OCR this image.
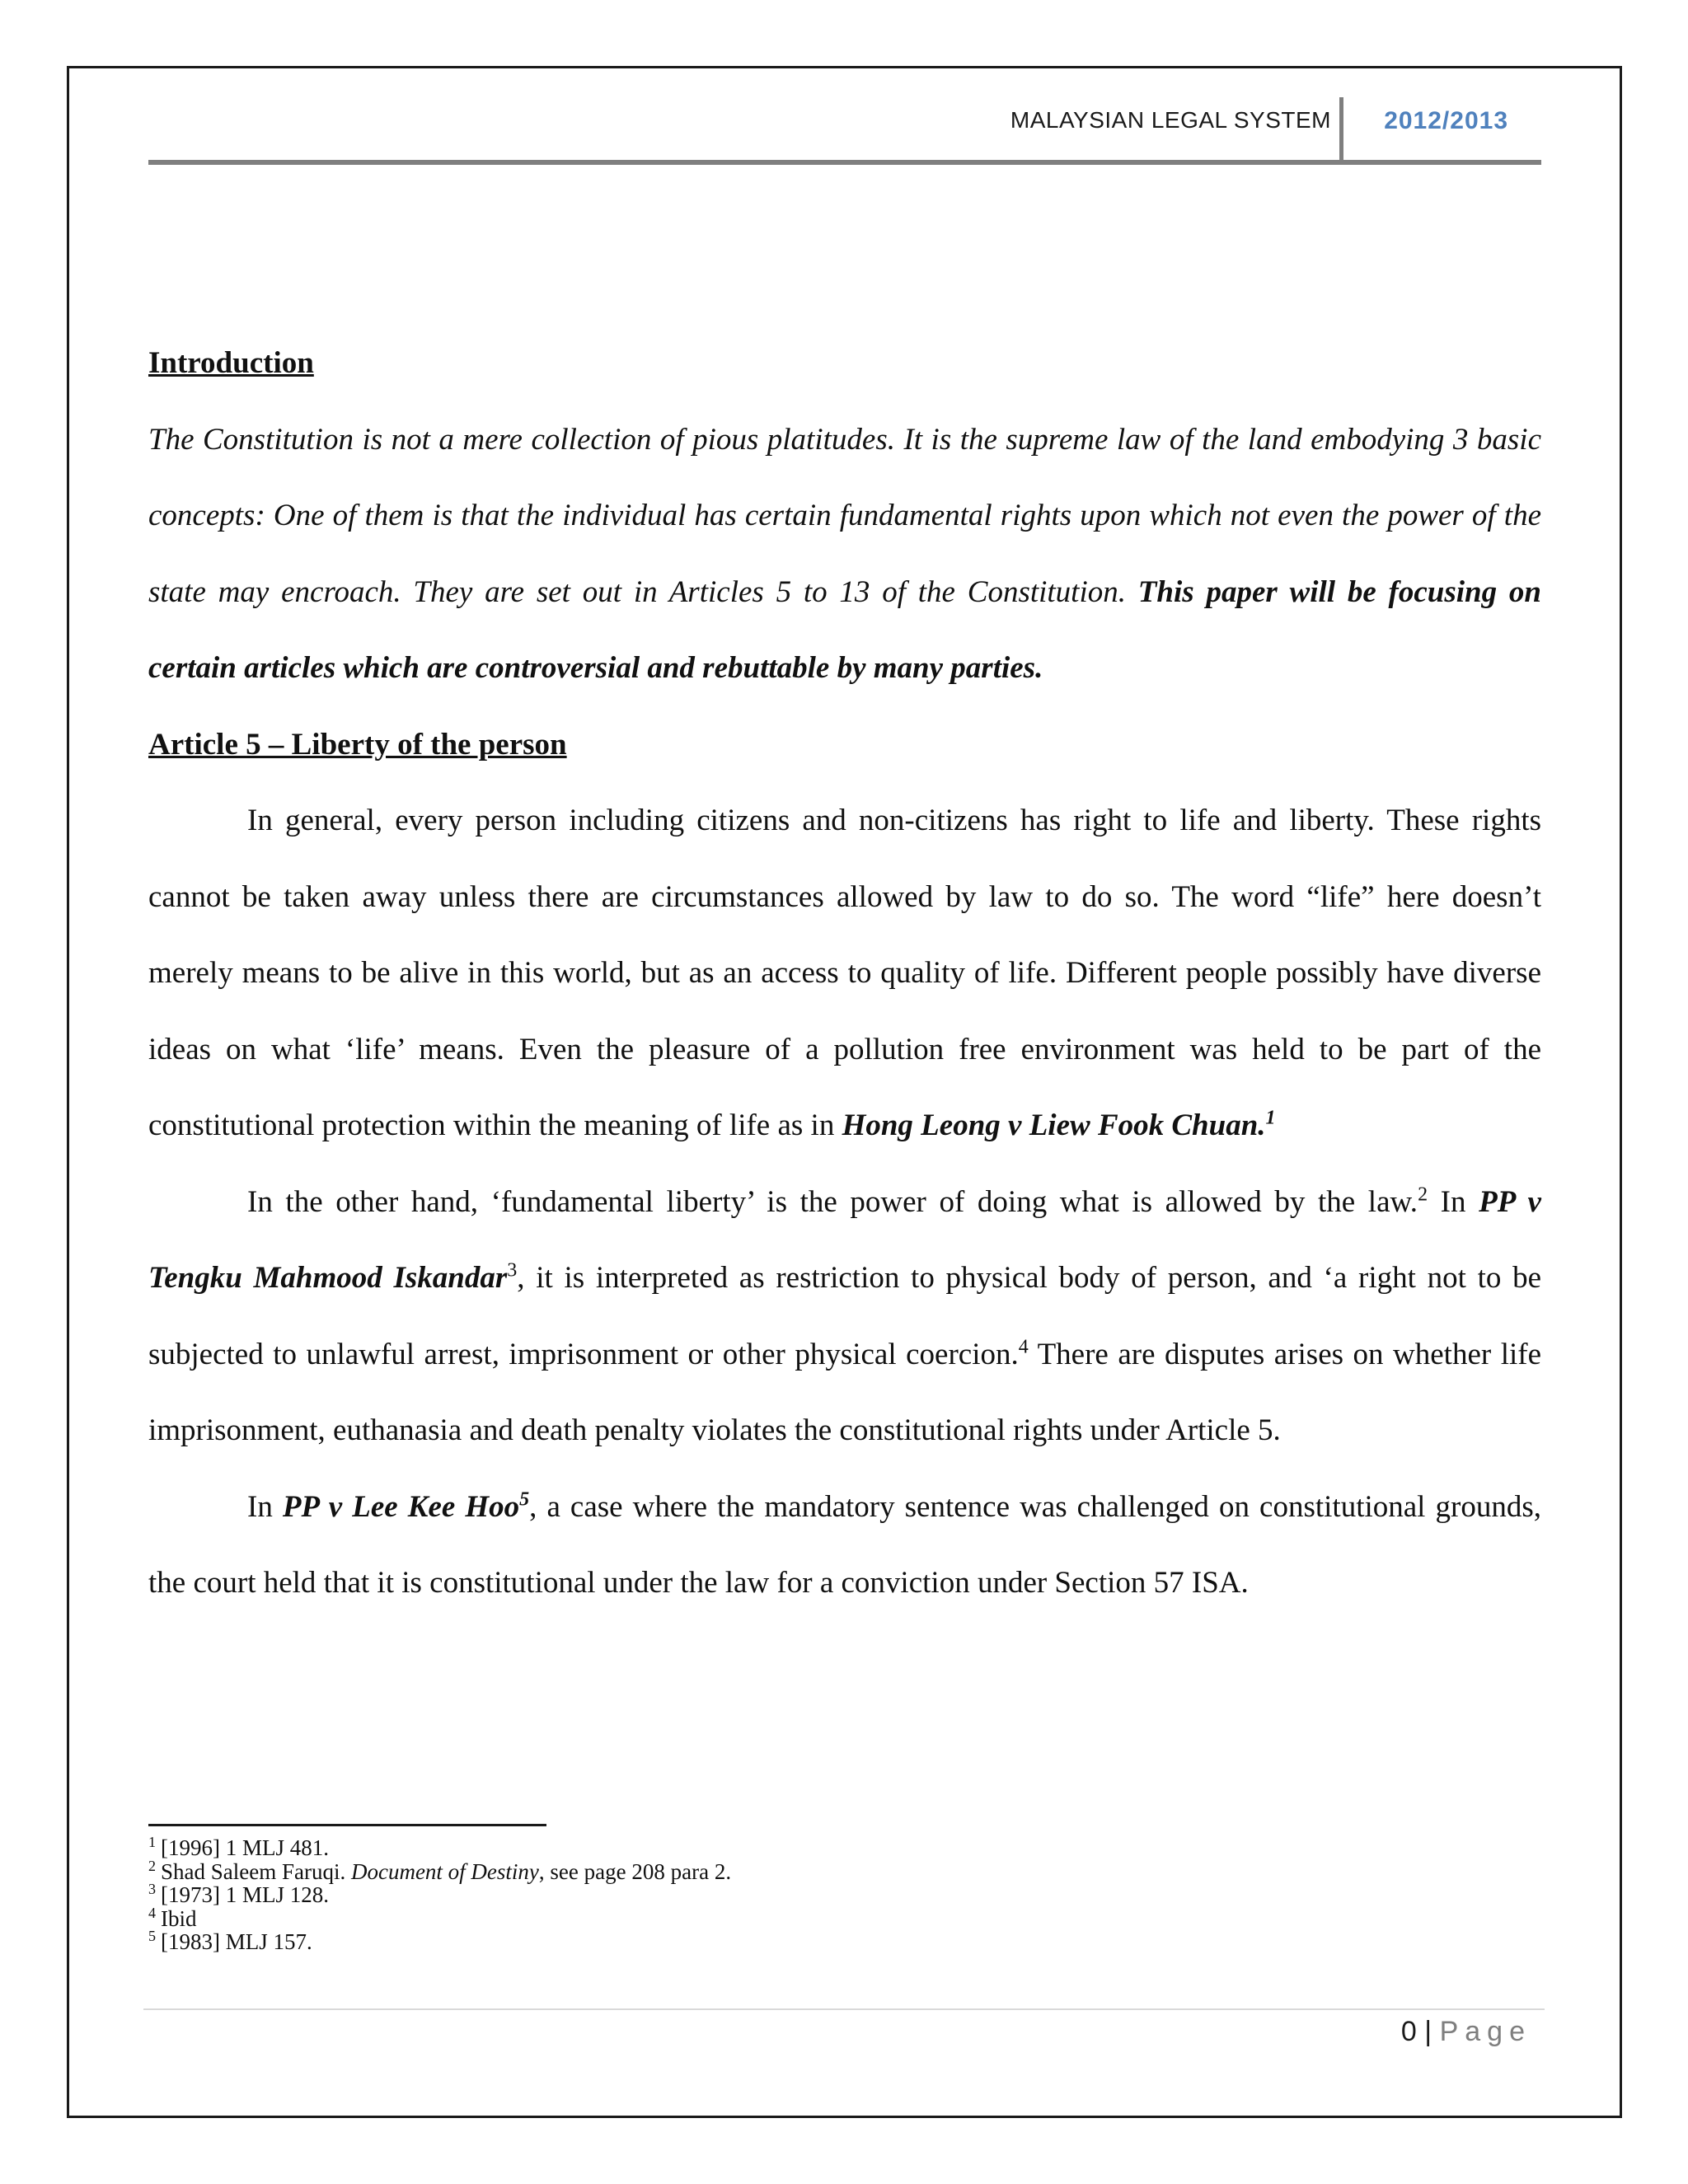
MALAYSIAN LEGAL SYSTEM 2012/2013

Introduction

The Constitution is not a mere collection of pious platitudes. It is the supreme law of the land embodying 3 basic concepts: One of them is that the individual has certain fundamental rights upon which not even the power of the state may encroach. They are set out in Articles 5 to 13 of the Constitution. This paper will be focusing on certain articles which are controversial and rebuttable by many parties.

Article 5 – Liberty of the person

In general, every person including citizens and non-citizens has right to life and liberty. These rights cannot be taken away unless there are circumstances allowed by law to do so. The word “life” here doesn’t merely means to be alive in this world, but as an access to quality of life. Different people possibly have diverse ideas on what ‘life’ means. Even the pleasure of a pollution free environment was held to be part of the constitutional protection within the meaning of life as in Hong Leong v Liew Fook Chuan.$^1$

In the other hand, ‘fundamental liberty’ is the power of doing what is allowed by the law.$^2$ In PP v Tengku Mahmood Iskandar$^3$, it is interpreted as restriction to physical body of person, and ‘a right not to be subjected to unlawful arrest, imprisonment or other physical coercion.$^4$ There are disputes arises on whether life imprisonment, euthanasia and death penalty violates the constitutional rights under Article 5.

In PP v Lee Kee Hoo$^5$, a case where the mandatory sentence was challenged on constitutional grounds, the court held that it is constitutional under the law for a conviction under Section 57 ISA.

$^1$ [1996] 1 MLJ 481.

$^2$ Shad Saleem Faruqi. Document of Destiny, see page 208 para 2.

$^3$ [1973] 1 MLJ 128.

$^4$ Ibid

$^5$ [1983] MLJ 157.

0 | Page
